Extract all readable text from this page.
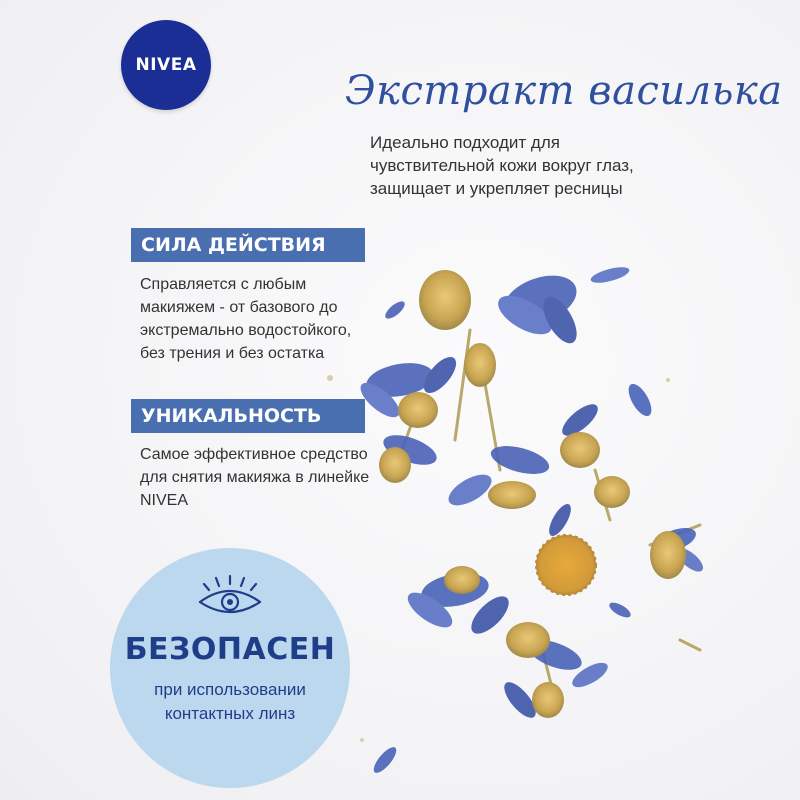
NIVEA
Экстракт василька
Идеально подходит для чувствительной кожи вокруг глаз, защищает и укрепляет ресницы
СИЛА ДЕЙСТВИЯ
Справляется с любым макияжем - от базового до экстремально водостойкого, без трения и без остатка
УНИКАЛЬНОСТЬ
Самое эффективное средство для снятия макияжа в линейке NIVEA
БЕЗОПАСЕН
при использовании
контактных линз
